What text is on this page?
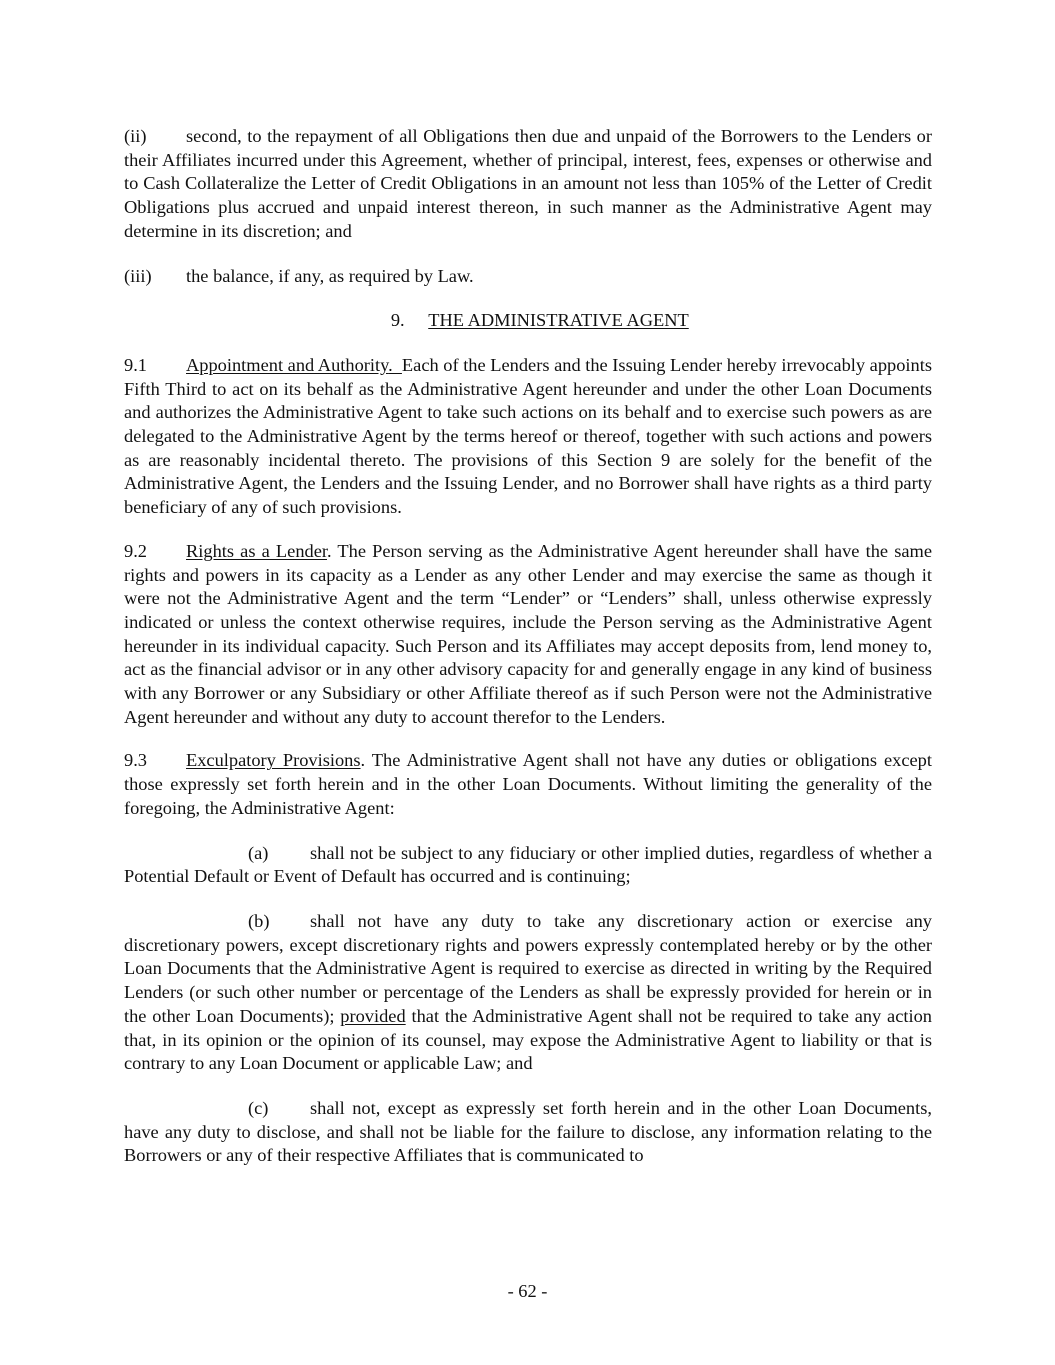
(ii) second, to the repayment of all Obligations then due and unpaid of the Borrowers to the Lenders or their Affiliates incurred under this Agreement, whether of principal, interest, fees, expenses or otherwise and to Cash Collateralize the Letter of Credit Obligations in an amount not less than 105% of the Letter of Credit Obligations plus accrued and unpaid interest thereon, in such manner as the Administrative Agent may determine in its discretion; and

(iii) the balance, if any, as required by Law.

9. THE ADMINISTRATIVE AGENT

9.1 Appointment and Authority.  Each of the Lenders and the Issuing Lender hereby irrevocably appoints Fifth Third to act on its behalf as the Administrative Agent hereunder and under the other Loan Documents and authorizes the Administrative Agent to take such actions on its behalf and to exercise such powers as are delegated to the Administrative Agent by the terms hereof or thereof, together with such actions and powers as are reasonably incidental thereto. The provisions of this Section 9 are solely for the benefit of the Administrative Agent, the Lenders and the Issuing Lender, and no Borrower shall have rights as a third party beneficiary of any of such provisions.

9.2 Rights as a Lender. The Person serving as the Administrative Agent hereunder shall have the same rights and powers in its capacity as a Lender as any other Lender and may exercise the same as though it were not the Administrative Agent and the term “Lender” or “Lenders” shall, unless otherwise expressly indicated or unless the context otherwise requires, include the Person serving as the Administrative Agent hereunder in its individual capacity. Such Person and its Affiliates may accept deposits from, lend money to, act as the financial advisor or in any other advisory capacity for and generally engage in any kind of business with any Borrower or any Subsidiary or other Affiliate thereof as if such Person were not the Administrative Agent hereunder and without any duty to account therefor to the Lenders.

9.3 Exculpatory Provisions. The Administrative Agent shall not have any duties or obligations except those expressly set forth herein and in the other Loan Documents. Without limiting the generality of the foregoing, the Administrative Agent:

(a) shall not be subject to any fiduciary or other implied duties, regardless of whether a Potential Default or Event of Default has occurred and is continuing;

(b) shall not have any duty to take any discretionary action or exercise any discretionary powers, except discretionary rights and powers expressly contemplated hereby or by the other Loan Documents that the Administrative Agent is required to exercise as directed in writing by the Required Lenders (or such other number or percentage of the Lenders as shall be expressly provided for herein or in the other Loan Documents); provided that the Administrative Agent shall not be required to take any action that, in its opinion or the opinion of its counsel, may expose the Administrative Agent to liability or that is contrary to any Loan Document or applicable Law; and

(c) shall not, except as expressly set forth herein and in the other Loan Documents, have any duty to disclose, and shall not be liable for the failure to disclose, any information relating to the Borrowers or any of their respective Affiliates that is communicated to

- 62 -
